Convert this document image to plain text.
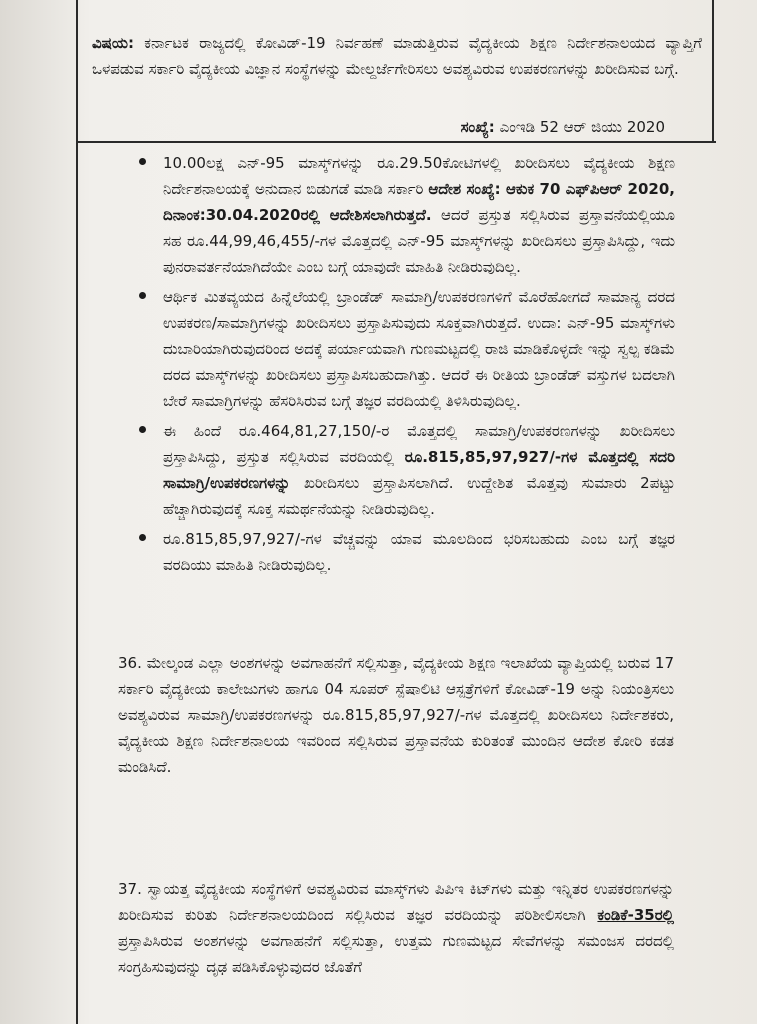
ವಿಷಯ: ಕರ್ನಾಟಕ ರಾಜ್ಯದಲ್ಲಿ ಕೋವಿಡ್-19 ನಿರ್ವಹಣೆ ಮಾಡುತ್ತಿರುವ ವೈದ್ಯಕೀಯ ಶಿಕ್ಷಣ ನಿರ್ದೇಶನಾಲಯದ ವ್ಯಾಪ್ತಿಗೆ ಒಳಪಡುವ ಸರ್ಕಾರಿ ವೈದ್ಯಕೀಯ ವಿಜ್ಞಾನ ಸಂಸ್ಥೆಗಳನ್ನು ಮೇಲ್ದರ್ಜೆಗೇರಿಸಲು ಅವಶ್ಯವಿರುವ ಉಪಕರಣಗಳನ್ನು ಖರೀದಿಸುವ ಬಗ್ಗೆ.
ಸಂಖ್ಯೆ: ಎಂಇಡಿ 52 ಆರ್ ಜಿಯು 2020
10.00ಲಕ್ಷ ಎನ್-95 ಮಾಸ್ಕ್‌ಗಳನ್ನು ರೂ.29.50ಕೋಟಿಗಳಲ್ಲಿ ಖರೀದಿಸಲು ವೈದ್ಯಕೀಯ ಶಿಕ್ಷಣ ನಿರ್ದೇಶನಾಲಯಕ್ಕೆ ಅನುದಾನ ಬಿಡುಗಡೆ ಮಾಡಿ ಸರ್ಕಾರಿ ಆದೇಶ ಸಂಖ್ಯೆ: ಆಕುಕ 70 ಎಫ್‌ಪಿಆರ್ 2020, ದಿನಾಂಕ:30.04.2020ರಲ್ಲಿ ಆದೇಶಿಸಲಾಗಿರುತ್ತದೆ. ಆದರೆ ಪ್ರಸ್ತುತ ಸಲ್ಲಿಸಿರುವ ಪ್ರಸ್ತಾವನೆಯಲ್ಲಿಯೂ ಸಹ ರೂ.44,99,46,455/-ಗಳ ಮೊತ್ತದಲ್ಲಿ ಎನ್-95 ಮಾಸ್ಕ್‌ಗಳನ್ನು ಖರೀದಿಸಲು ಪ್ರಸ್ತಾಪಿಸಿದ್ದು, ಇದು ಪುನರಾವರ್ತನೆಯಾಗಿದೆಯೇ ಎಂಬ ಬಗ್ಗೆ ಯಾವುದೇ ಮಾಹಿತಿ ನೀಡಿರುವುದಿಲ್ಲ.
ಆರ್ಥಿಕ ಮಿತವ್ಯಯದ ಹಿನ್ನೆಲೆಯಲ್ಲಿ ಬ್ರಾಂಡೆಡ್ ಸಾಮಾಗ್ರಿ/ಉಪಕರಣಗಳಿಗೆ ಮೊರೆಹೋಗದೆ ಸಾಮಾನ್ಯ ದರದ ಉಪಕರಣ/ಸಾಮಾಗ್ರಿಗಳನ್ನು ಖರೀದಿಸಲು ಪ್ರಸ್ತಾಪಿಸುವುದು ಸೂಕ್ತವಾಗಿರುತ್ತದೆ. ಉದಾ: ಎನ್-95 ಮಾಸ್ಕ್‌ಗಳು ದುಬಾರಿಯಾಗಿರುವುದರಿಂದ ಅದಕ್ಕೆ ಪರ್ಯಾಯವಾಗಿ ಗುಣಮಟ್ಟದಲ್ಲಿ ರಾಜಿ ಮಾಡಿಕೊಳ್ಳದೇ ಇನ್ನು ಸ್ವಲ್ಪ ಕಡಿಮೆ ದರದ ಮಾಸ್ಕ್‌ಗಳನ್ನು ಖರೀದಿಸಲು ಪ್ರಸ್ತಾಪಿಸಬಹುದಾಗಿತ್ತು. ಆದರೆ ಈ ರೀತಿಯ ಬ್ರಾಂಡೆಡ್ ವಸ್ತುಗಳ ಬದಲಾಗಿ ಬೇರೆ ಸಾಮಾಗ್ರಿಗಳನ್ನು ಹೆಸರಿಸಿರುವ ಬಗ್ಗೆ ತಜ್ಞರ ವರದಿಯಲ್ಲಿ ತಿಳಿಸಿರುವುದಿಲ್ಲ.
ಈ ಹಿಂದೆ ರೂ.464,81,27,150/-ರ ಮೊತ್ತದಲ್ಲಿ ಸಾಮಾಗ್ರಿ/ಉಪಕರಣಗಳನ್ನು ಖರೀದಿಸಲು ಪ್ರಸ್ತಾಪಿಸಿದ್ದು, ಪ್ರಸ್ತುತ ಸಲ್ಲಿಸಿರುವ ವರದಿಯಲ್ಲಿ ರೂ.815,85,97,927/-ಗಳ ಮೊತ್ತದಲ್ಲಿ ಸದರಿ ಸಾಮಾಗ್ರಿ/ಉಪಕರಣಗಳನ್ನು ಖರೀದಿಸಲು ಪ್ರಸ್ತಾಪಿಸಲಾಗಿದೆ. ಉದ್ದೇಶಿತ ಮೊತ್ತವು ಸುಮಾರು 2ಪಟ್ಟು ಹೆಚ್ಚಾಗಿರುವುದಕ್ಕೆ ಸೂಕ್ತ ಸಮರ್ಥನೆಯನ್ನು ನೀಡಿರುವುದಿಲ್ಲ.
ರೂ.815,85,97,927/-ಗಳ ವೆಚ್ಚವನ್ನು ಯಾವ ಮೂಲದಿಂದ ಭರಿಸಬಹುದು ಎಂಬ ಬಗ್ಗೆ ತಜ್ಞರ ವರದಿಯು ಮಾಹಿತಿ ನೀಡಿರುವುದಿಲ್ಲ.
36. ಮೇಲ್ಕಂಡ ಎಲ್ಲಾ ಅಂಶಗಳನ್ನು ಅವಗಾಹನೆಗೆ ಸಲ್ಲಿಸುತ್ತಾ, ವೈದ್ಯಕೀಯ ಶಿಕ್ಷಣ ಇಲಾಖೆಯ ವ್ಯಾಪ್ತಿಯಲ್ಲಿ ಬರುವ 17 ಸರ್ಕಾರಿ ವೈದ್ಯಕೀಯ ಕಾಲೇಜುಗಳು ಹಾಗೂ 04 ಸೂಪರ್ ಸ್ಪೆಷಾಲಿಟಿ ಆಸ್ಪತ್ರೆಗಳಿಗೆ ಕೋವಿಡ್-19 ಅನ್ನು ನಿಯಂತ್ರಿಸಲು ಅವಶ್ಯವಿರುವ ಸಾಮಾಗ್ರಿ/ಉಪಕರಣಗಳನ್ನು ರೂ.815,85,97,927/-ಗಳ ಮೊತ್ತದಲ್ಲಿ ಖರೀದಿಸಲು ನಿರ್ದೇಶಕರು, ವೈದ್ಯಕೀಯ ಶಿಕ್ಷಣ ನಿರ್ದೇಶನಾಲಯ ಇವರಿಂದ ಸಲ್ಲಿಸಿರುವ ಪ್ರಸ್ತಾವನೆಯ ಕುರಿತಂತೆ ಮುಂದಿನ ಆದೇಶ ಕೋರಿ ಕಡತ ಮಂಡಿಸಿದೆ.
37. ಸ್ವಾಯತ್ತ ವೈದ್ಯಕೀಯ ಸಂಸ್ಥೆಗಳಿಗೆ ಅವಶ್ಯವಿರುವ ಮಾಸ್ಕ್‌ಗಳು ಪಿಪಿಇ ಕಿಟ್‌ಗಳು ಮತ್ತು ಇನ್ನಿತರ ಉಪಕರಣಗಳನ್ನು ಖರೀದಿಸುವ ಕುರಿತು ನಿರ್ದೇಶನಾಲಯದಿಂದ ಸಲ್ಲಿಸಿರುವ ತಜ್ಞರ ವರದಿಯನ್ನು ಪರಿಶೀಲಿಸಲಾಗಿ ಕಂಡಿಕೆ-35ರಲ್ಲಿ ಪ್ರಸ್ತಾಪಿಸಿರುವ ಅಂಶಗಳನ್ನು ಅವಗಾಹನೆಗೆ ಸಲ್ಲಿಸುತ್ತಾ, ಉತ್ತಮ ಗುಣಮಟ್ಟದ ಸೇವೆಗಳನ್ನು ಸಮಂಜಸ ದರದಲ್ಲಿ ಸಂಗ್ರಹಿಸುವುದನ್ನು ದೃಢ ಪಡಿಸಿಕೊಳ್ಳುವುದರ ಜೊತೆಗೆ
